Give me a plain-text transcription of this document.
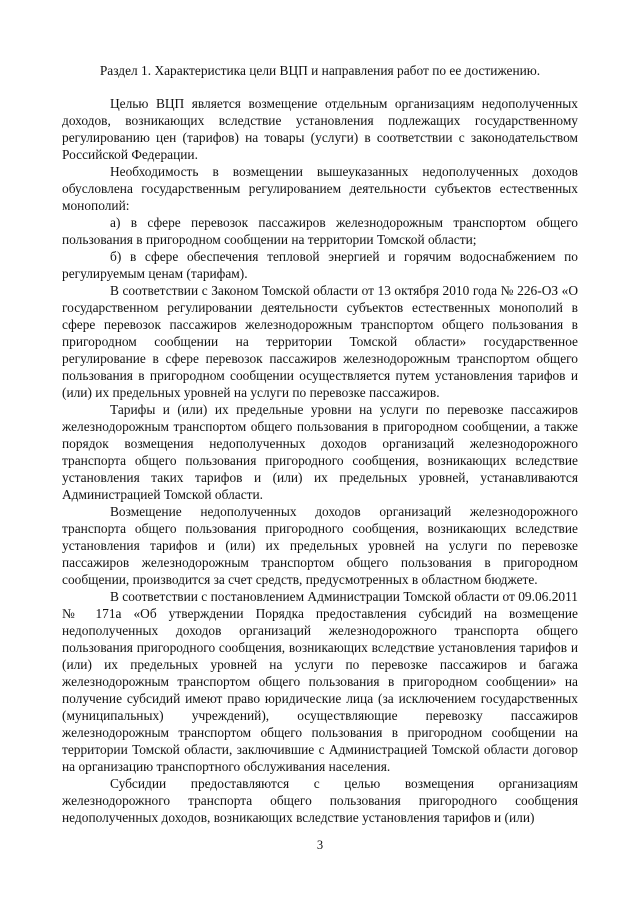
Раздел 1. Характеристика цели ВЦП и направления работ по ее достижению.

Целью ВЦП является возмещение отдельным организациям недополученных доходов, возникающих вследствие установления подлежащих государственному регулированию цен (тарифов) на товары (услуги) в соответствии с законодательством Российской Федерации.

Необходимость в возмещении вышеуказанных недополученных доходов обусловлена государственным регулированием деятельности субъектов естественных монополий:

а) в сфере перевозок пассажиров железнодорожным транспортом общего пользования в пригородном сообщении на территории Томской области;

б) в сфере обеспечения тепловой энергией и горячим водоснабжением по регулируемым ценам (тарифам).

В соответствии с Законом Томской области от 13 октября 2010 года № 226-ОЗ «О государственном регулировании деятельности субъектов естественных монополий в сфере перевозок пассажиров железнодорожным транспортом общего пользования в пригородном сообщении на территории Томской области» государственное регулирование в сфере перевозок пассажиров железнодорожным транспортом общего пользования в пригородном сообщении осуществляется путем установления тарифов и (или) их предельных уровней на услуги по перевозке пассажиров.

Тарифы и (или) их предельные уровни на услуги по перевозке пассажиров железнодорожным транспортом общего пользования в пригородном сообщении, а также порядок возмещения недополученных доходов организаций железнодорожного транспорта общего пользования пригородного сообщения, возникающих вследствие установления таких тарифов и (или) их предельных уровней, устанавливаются Администрацией Томской области.

Возмещение недополученных доходов организаций железнодорожного транспорта общего пользования пригородного сообщения, возникающих вследствие установления тарифов и (или) их предельных уровней на услуги по перевозке пассажиров железнодорожным транспортом общего пользования в пригородном сообщении, производится за счет средств, предусмотренных в областном бюджете.

В соответствии с постановлением Администрации Томской области от 09.06.2011 № 171а «Об утверждении Порядка предоставления субсидий на возмещение недополученных доходов организаций железнодорожного транспорта общего пользования пригородного сообщения, возникающих вследствие установления тарифов и (или) их предельных уровней на услуги по перевозке пассажиров и багажа железнодорожным транспортом общего пользования в пригородном сообщении» на получение субсидий имеют право юридические лица (за исключением государственных (муниципальных) учреждений), осуществляющие перевозку пассажиров железнодорожным транспортом общего пользования в пригородном сообщении на территории Томской области, заключившие с Администрацией Томской области договор на организацию транспортного обслуживания населения.

Субсидии предоставляются с целью возмещения организациям железнодорожного транспорта общего пользования пригородного сообщения недополученных доходов, возникающих вследствие установления тарифов и (или)

3
